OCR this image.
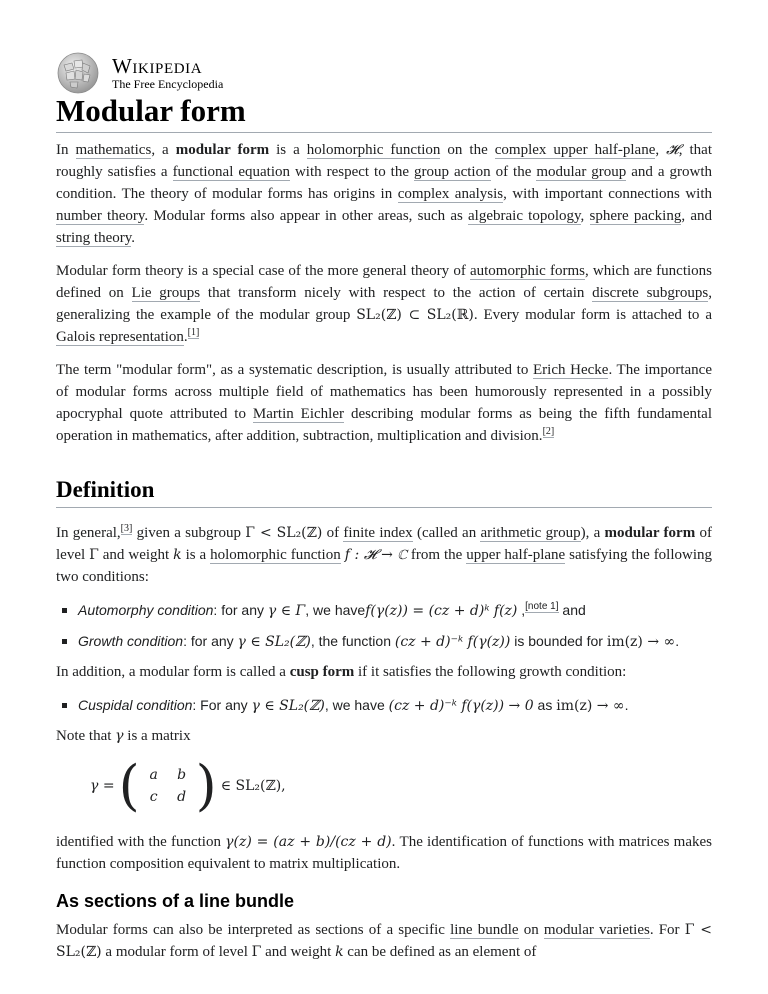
Wikipedia
The Free Encyclopedia
Modular form

In mathematics, a modular form is a holomorphic function on the complex upper half-plane, 𝓗, that roughly satisfies a functional equation with respect to the group action of the modular group and a growth condition. The theory of modular forms has origins in complex analysis, with important connections with number theory. Modular forms also appear in other areas, such as algebraic topology, sphere packing, and string theory.

Modular form theory is a special case of the more general theory of automorphic forms, which are functions defined on Lie groups that transform nicely with respect to the action of certain discrete subgroups, generalizing the example of the modular group SL₂(ℤ) ⊂ SL₂(ℝ). Every modular form is attached to a Galois representation.[1]

The term "modular form", as a systematic description, is usually attributed to Erich Hecke. The importance of modular forms across multiple field of mathematics has been humorously represented in a possibly apocryphal quote attributed to Martin Eichler describing modular forms as being the fifth fundamental operation in mathematics, after addition, subtraction, multiplication and division.[2]

Definition

In general,[3] given a subgroup Γ < SL₂(ℤ) of finite index (called an arithmetic group), a modular form of level Γ and weight k is a holomorphic function f : 𝓗 → ℂ from the upper half-plane satisfying the following two conditions:

Automorphy condition: for any γ ∈ Γ, we havef(γ(z)) = (cz + d)ᵏ f(z) ,[note 1] and
Growth condition: for any γ ∈ SL₂(ℤ), the function (cz + d)⁻ᵏ f(γ(z)) is bounded for im(z) → ∞.

In addition, a modular form is called a cusp form if it satisfies the following growth condition:

Cuspidal condition: For any γ ∈ SL₂(ℤ), we have (cz + d)⁻ᵏ f(γ(z)) → 0 as im(z) → ∞.

Note that γ is a matrix

γ = ( a	b
c	d ) ∈ SL₂(ℤ),

identified with the function γ(z) = (az + b)/(cz + d). The identification of functions with matrices makes function composition equivalent to matrix multiplication.

As sections of a line bundle

Modular forms can also be interpreted as sections of a specific line bundle on modular varieties. For Γ < SL₂(ℤ) a modular form of level Γ and weight k can be defined as an element of
